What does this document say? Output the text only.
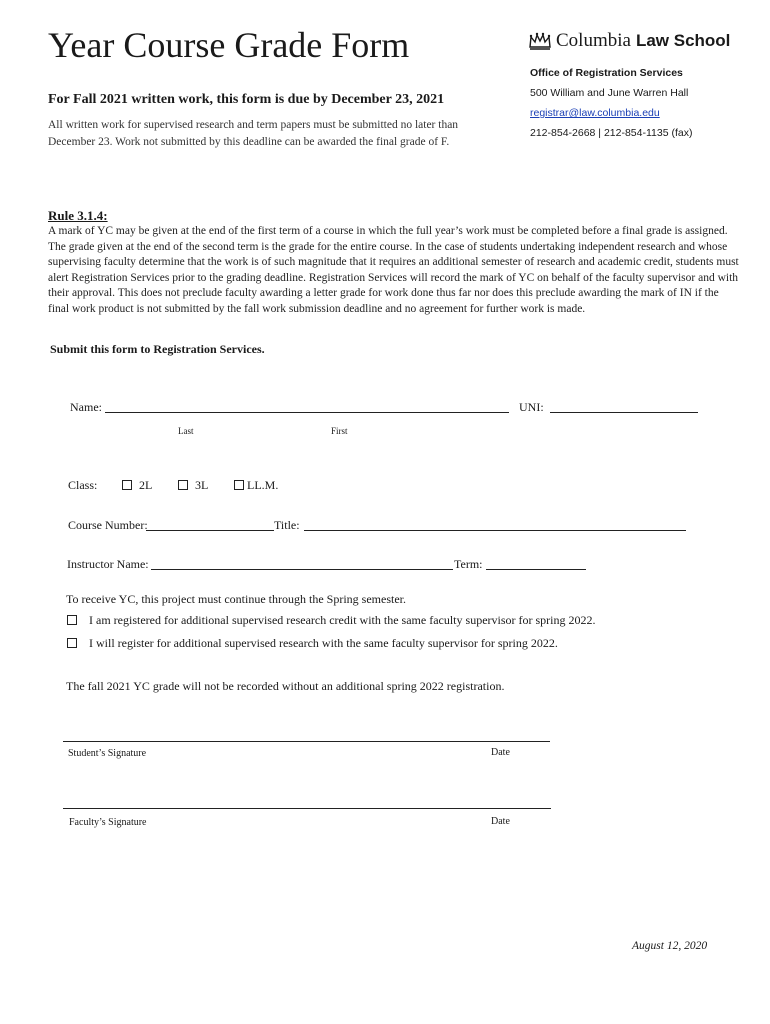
Year Course Grade Form
For Fall 2021 written work, this form is due by December 23, 2021
All written work for supervised research and term papers must be submitted no later than December 23. Work not submitted by this deadline can be awarded the final grade of F.
Columbia Law School
Office of Registration Services
500 William and June Warren Hall
registrar@law.columbia.edu
212-854-2668 | 212-854-1135 (fax)
Rule 3.1.4:
A mark of YC may be given at the end of the first term of a course in which the full year’s work must be completed before a final grade is assigned. The grade given at the end of the second term is the grade for the entire course. In the case of students undertaking independent research and whose supervising faculty determine that the work is of such magnitude that it requires an additional semester of research and academic credit, students must alert Registration Services prior to the grading deadline. Registration Services will record the mark of YC on behalf of the faculty supervisor and with their approval. This does not preclude faculty awarding a letter grade for work done thus far nor does this preclude awarding the mark of IN if the final work product is not submitted by the fall work submission deadline and no agreement for further work is made.
Submit this form to Registration Services.
Name:	UNI:
Last	First
Class:	2L	3L	LL.M.
Course Number:	Title:
Instructor Name:	Term:
To receive YC, this project must continue through the Spring semester.
I am registered for additional supervised research credit with the same faculty supervisor for spring 2022.
I will register for additional supervised research with the same faculty supervisor for spring 2022.
The fall 2021 YC grade will not be recorded without an additional spring 2022 registration.
Student’s Signature	Date
Faculty’s Signature	Date
August 12, 2020
